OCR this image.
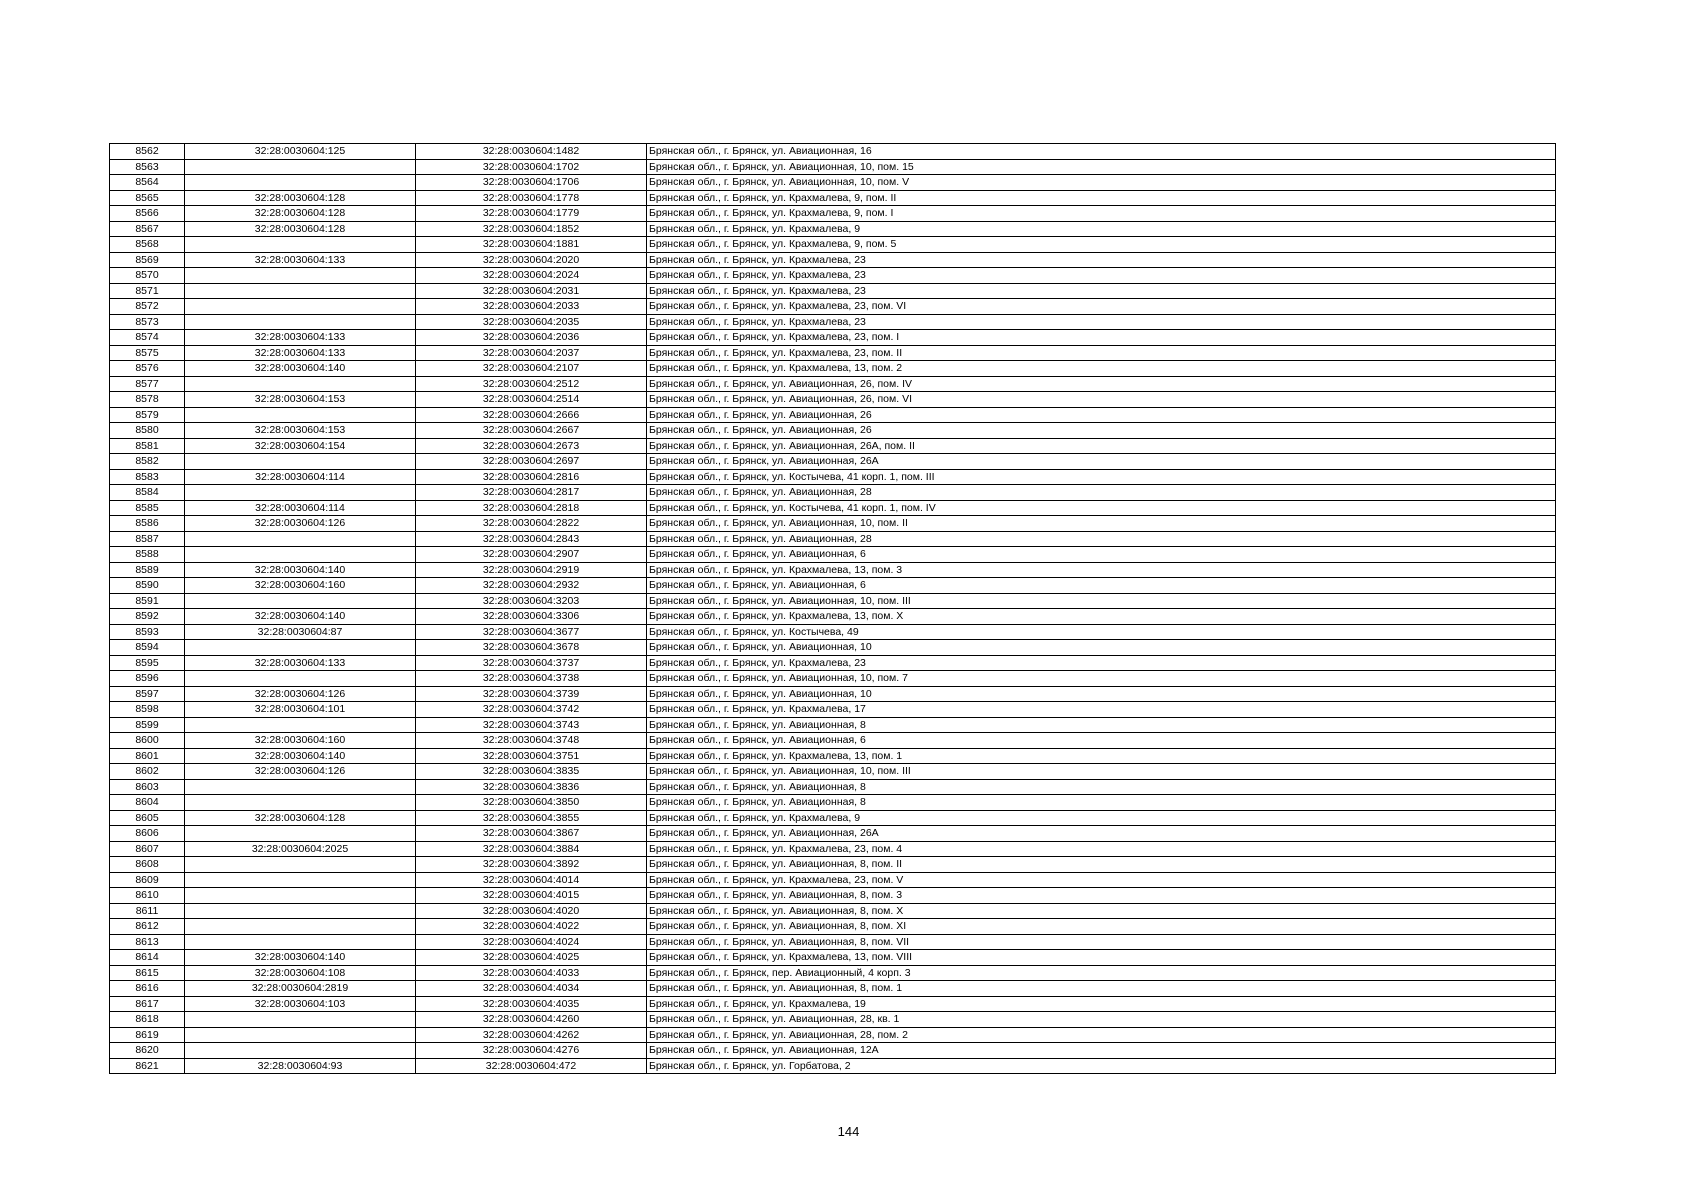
8562	32:28:0030604:125	32:28:0030604:1482	Брянская обл., г. Брянск, ул. Авиационная, 16
8563		32:28:0030604:1702	Брянская обл., г. Брянск, ул. Авиационная, 10, пом. 15
8564		32:28:0030604:1706	Брянская обл., г. Брянск, ул. Авиационная, 10, пом. V
8565	32:28:0030604:128	32:28:0030604:1778	Брянская обл., г. Брянск, ул. Крахмалева, 9, пом. II
8566	32:28:0030604:128	32:28:0030604:1779	Брянская обл., г. Брянск, ул. Крахмалева, 9, пом. I
8567	32:28:0030604:128	32:28:0030604:1852	Брянская обл., г. Брянск, ул. Крахмалева, 9
8568		32:28:0030604:1881	Брянская обл., г. Брянск, ул. Крахмалева, 9, пом. 5
8569	32:28:0030604:133	32:28:0030604:2020	Брянская обл., г. Брянск, ул. Крахмалева, 23
8570		32:28:0030604:2024	Брянская обл., г. Брянск, ул. Крахмалева, 23
8571		32:28:0030604:2031	Брянская обл., г. Брянск, ул. Крахмалева, 23
8572		32:28:0030604:2033	Брянская обл., г. Брянск, ул. Крахмалева, 23, пом. VI
8573		32:28:0030604:2035	Брянская обл., г. Брянск, ул. Крахмалева, 23
8574	32:28:0030604:133	32:28:0030604:2036	Брянская обл., г. Брянск, ул. Крахмалева, 23, пом. I
8575	32:28:0030604:133	32:28:0030604:2037	Брянская обл., г. Брянск, ул. Крахмалева, 23, пом. II
8576	32:28:0030604:140	32:28:0030604:2107	Брянская обл., г. Брянск, ул. Крахмалева, 13, пом. 2
8577		32:28:0030604:2512	Брянская обл., г. Брянск, ул. Авиационная, 26, пом. IV
8578	32:28:0030604:153	32:28:0030604:2514	Брянская обл., г. Брянск, ул. Авиационная, 26, пом. VI
8579		32:28:0030604:2666	Брянская обл., г. Брянск, ул. Авиационная, 26
8580	32:28:0030604:153	32:28:0030604:2667	Брянская обл., г. Брянск, ул. Авиационная, 26
8581	32:28:0030604:154	32:28:0030604:2673	Брянская обл., г. Брянск, ул. Авиационная, 26А, пом. II
8582		32:28:0030604:2697	Брянская обл., г. Брянск, ул. Авиационная, 26А
8583	32:28:0030604:114	32:28:0030604:2816	Брянская обл., г. Брянск, ул. Костычева, 41 корп. 1, пом. III
8584		32:28:0030604:2817	Брянская обл., г. Брянск, ул. Авиационная, 28
8585	32:28:0030604:114	32:28:0030604:2818	Брянская обл., г. Брянск, ул. Костычева, 41 корп. 1, пом. IV
8586	32:28:0030604:126	32:28:0030604:2822	Брянская обл., г. Брянск, ул. Авиационная, 10, пом. II
8587		32:28:0030604:2843	Брянская обл., г. Брянск, ул. Авиационная, 28
8588		32:28:0030604:2907	Брянская обл., г. Брянск, ул. Авиационная, 6
8589	32:28:0030604:140	32:28:0030604:2919	Брянская обл., г. Брянск, ул. Крахмалева, 13, пом. 3
8590	32:28:0030604:160	32:28:0030604:2932	Брянская обл., г. Брянск, ул. Авиационная, 6
8591		32:28:0030604:3203	Брянская обл., г. Брянск, ул. Авиационная, 10, пом. III
8592	32:28:0030604:140	32:28:0030604:3306	Брянская обл., г. Брянск, ул. Крахмалева, 13, пом. X
8593	32:28:0030604:87	32:28:0030604:3677	Брянская обл., г. Брянск, ул. Костычева, 49
8594		32:28:0030604:3678	Брянская обл., г. Брянск, ул. Авиационная, 10
8595	32:28:0030604:133	32:28:0030604:3737	Брянская обл., г. Брянск, ул. Крахмалева, 23
8596		32:28:0030604:3738	Брянская обл., г. Брянск, ул. Авиационная, 10, пом. 7
8597	32:28:0030604:126	32:28:0030604:3739	Брянская обл., г. Брянск, ул. Авиационная, 10
8598	32:28:0030604:101	32:28:0030604:3742	Брянская обл., г. Брянск, ул. Крахмалева, 17
8599		32:28:0030604:3743	Брянская обл., г. Брянск, ул. Авиационная, 8
8600	32:28:0030604:160	32:28:0030604:3748	Брянская обл., г. Брянск, ул. Авиационная, 6
8601	32:28:0030604:140	32:28:0030604:3751	Брянская обл., г. Брянск, ул. Крахмалева, 13, пом. 1
8602	32:28:0030604:126	32:28:0030604:3835	Брянская обл., г. Брянск, ул. Авиационная, 10, пом. III
8603		32:28:0030604:3836	Брянская обл., г. Брянск, ул. Авиационная, 8
8604		32:28:0030604:3850	Брянская обл., г. Брянск, ул. Авиационная, 8
8605	32:28:0030604:128	32:28:0030604:3855	Брянская обл., г. Брянск, ул. Крахмалева, 9
8606		32:28:0030604:3867	Брянская обл., г. Брянск, ул. Авиационная, 26А
8607	32:28:0030604:2025	32:28:0030604:3884	Брянская обл., г. Брянск, ул. Крахмалева, 23, пом. 4
8608		32:28:0030604:3892	Брянская обл., г. Брянск, ул. Авиационная, 8, пом. II
8609		32:28:0030604:4014	Брянская обл., г. Брянск, ул. Крахмалева, 23, пом. V
8610		32:28:0030604:4015	Брянская обл., г. Брянск, ул. Авиационная, 8, пом. 3
8611		32:28:0030604:4020	Брянская обл., г. Брянск, ул. Авиационная, 8, пом. X
8612		32:28:0030604:4022	Брянская обл., г. Брянск, ул. Авиационная, 8, пом. XI
8613		32:28:0030604:4024	Брянская обл., г. Брянск, ул. Авиационная, 8, пом. VII
8614	32:28:0030604:140	32:28:0030604:4025	Брянская обл., г. Брянск, ул. Крахмалева, 13, пом. VIII
8615	32:28:0030604:108	32:28:0030604:4033	Брянская обл., г. Брянск, пер. Авиационный, 4 корп. 3
8616	32:28:0030604:2819	32:28:0030604:4034	Брянская обл., г. Брянск, ул. Авиационная, 8, пом. 1
8617	32:28:0030604:103	32:28:0030604:4035	Брянская обл., г. Брянск, ул. Крахмалева, 19
8618		32:28:0030604:4260	Брянская обл., г. Брянск, ул. Авиационная, 28, кв. 1
8619		32:28:0030604:4262	Брянская обл., г. Брянск, ул. Авиационная, 28, пом. 2
8620		32:28:0030604:4276	Брянская обл., г. Брянск, ул. Авиационная, 12А
8621	32:28:0030604:93	32:28:0030604:472	Брянская обл., г. Брянск, ул. Горбатова, 2
144
